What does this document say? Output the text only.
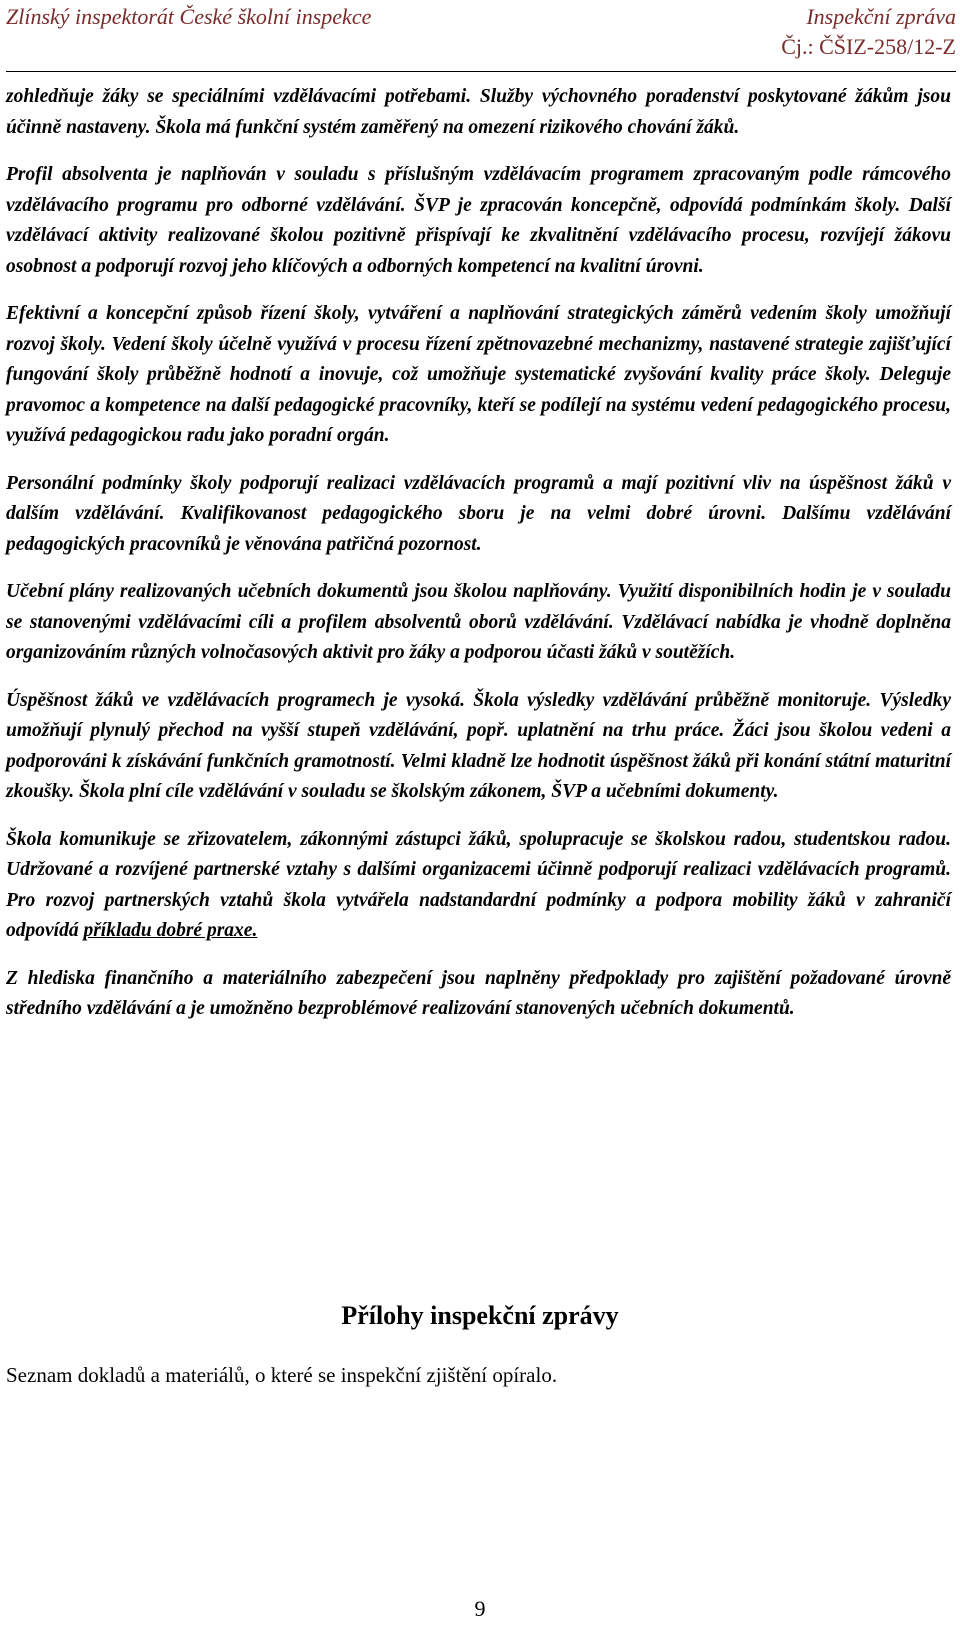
Zlínský inspektorát České školní inspekce	Inspekční zpráva
Čj.: ČŠIZ-258/12-Z

zohledňuje žáky se speciálními vzdělávacími potřebami. Služby výchovného poradenství poskytované žákům jsou účinně nastaveny. Škola má funkční systém zaměřený na omezení rizikového chování žáků.

Profil absolventa je naplňován v souladu s příslušným vzdělávacím programem zpracovaným podle rámcového vzdělávacího programu pro odborné vzdělávání. ŠVP je zpracován koncepčně, odpovídá podmínkám školy. Další vzdělávací aktivity realizované školou pozitivně přispívají ke zkvalitnění vzdělávacího procesu, rozvíjejí žákovu osobnost a podporují rozvoj jeho klíčových a odborných kompetencí na kvalitní úrovni.

Efektivní a koncepční způsob řízení školy, vytváření a naplňování strategických záměrů vedením školy umožňují rozvoj školy. Vedení školy účelně využívá v procesu řízení zpětnovazebné mechanizmy, nastavené strategie zajišťující fungování školy průběžně hodnotí a inovuje, což umožňuje systematické zvyšování kvality práce školy. Deleguje pravomoc a kompetence na další pedagogické pracovníky, kteří se podílejí na systému vedení pedagogického procesu, využívá pedagogickou radu jako poradní orgán.

Personální podmínky školy podporují realizaci vzdělávacích programů a mají pozitivní vliv na úspěšnost žáků v dalším vzdělávání. Kvalifikovanost pedagogického sboru je na velmi dobré úrovni. Dalšímu vzdělávání pedagogických pracovníků je věnována patřičná pozornost.

Učební plány realizovaných učebních dokumentů jsou školou naplňovány. Využití disponibilních hodin je v souladu se stanovenými vzdělávacími cíli a profilem absolventů oborů vzdělávání. Vzdělávací nabídka je vhodně doplněna organizováním různých volnočasových aktivit pro žáky a podporou účasti žáků v soutěžích.

Úspěšnost žáků ve vzdělávacích programech je vysoká. Škola výsledky vzdělávání průběžně monitoruje. Výsledky umožňují plynulý přechod na vyšší stupeň vzdělávání, popř. uplatnění na trhu práce. Žáci jsou školou vedeni a podporováni k získávání funkčních gramotností. Velmi kladně lze hodnotit úspěšnost žáků při konání státní maturitní zkoušky. Škola plní cíle vzdělávání v souladu se školským zákonem, ŠVP a učebními dokumenty.

Škola komunikuje se zřizovatelem, zákonnými zástupci žáků, spolupracuje se školskou radou, studentskou radou. Udržované a rozvíjené partnerské vztahy s dalšími organizacemi účinně podporují realizaci vzdělávacích programů. Pro rozvoj partnerských vztahů škola vytvářela nadstandardní podmínky a podpora mobility žáků v zahraničí odpovídá příkladu dobré praxe.

Z hlediska finančního a materiálního zabezpečení jsou naplněny předpoklady pro zajištění požadované úrovně středního vzdělávání a je umožněno bezproblémové realizování stanovených učebních dokumentů.

Přílohy inspekční zprávy
Seznam dokladů a materiálů, o které se inspekční zjištění opíralo.
9
